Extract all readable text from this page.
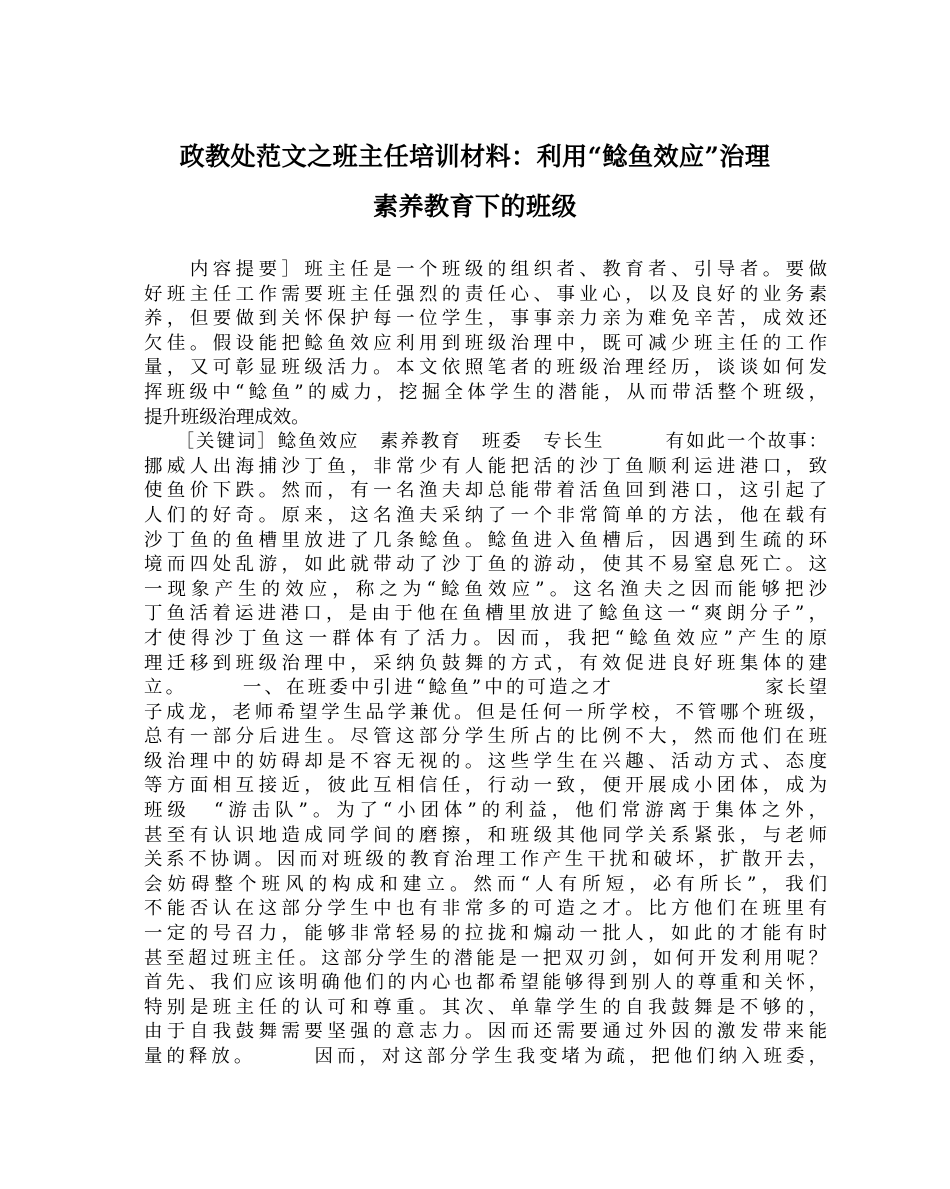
政教处范文之班主任培训材料：利用“鲶鱼效应”治理
素养教育下的班级
　　内容提要］班主任是一个班级的组织者、教育者、引导者。要做
好班主任工作需要班主任强烈的责任心、事业心，以及良好的业务素
养，但要做到关怀保护每一位学生，事事亲力亲为难免辛苦，成效还
欠佳。假设能把鲶鱼效应利用到班级治理中，既可减少班主任的工作
量，又可彰显班级活力。本文依照笔者的班级治理经历，谈谈如何发
挥班级中“鲶鱼”的威力，挖掘全体学生的潜能，从而带活整个班级，
提升班级治理成效。
　　［关键词］鲶鱼效应　素养教育　班委　专长生　　　有如此一个故事：
挪威人出海捕沙丁鱼，非常少有人能把活的沙丁鱼顺利运进港口，致
使鱼价下跌。然而，有一名渔夫却总能带着活鱼回到港口，这引起了
人们的好奇。原来，这名渔夫采纳了一个非常简单的方法，他在载有
沙丁鱼的鱼槽里放进了几条鲶鱼。鲶鱼进入鱼槽后，因遇到生疏的环
境而四处乱游，如此就带动了沙丁鱼的游动，使其不易窒息死亡。这
一现象产生的效应，称之为“鲶鱼效应”。这名渔夫之因而能够把沙
丁鱼活着运进港口，是由于他在鱼槽里放进了鲶鱼这一“爽朗分子”，
才使得沙丁鱼这一群体有了活力。因而，我把“鲶鱼效应”产生的原
理迁移到班级治理中，采纳负鼓舞的方式，有效促进良好班集体的建
立。　　　一、在班委中引进“鲶鱼”中的可造之才　　　　　　　家长望
子成龙，老师希望学生品学兼优。但是任何一所学校，不管哪个班级，
总有一部分后进生。尽管这部分学生所占的比例不大，然而他们在班
级治理中的妨碍却是不容无视的。这些学生在兴趣、活动方式、态度
等方面相互接近，彼此互相信任，行动一致，便开展成小团体，成为
班级　“游击队”。为了“小团体”的利益，他们常游离于集体之外，
甚至有认识地造成同学间的磨擦，和班级其他同学关系紧张，与老师
关系不协调。因而对班级的教育治理工作产生干扰和破坏，扩散开去，
会妨碍整个班风的构成和建立。然而“人有所短，必有所长”，我们
不能否认在这部分学生中也有非常多的可造之才。比方他们在班里有
一定的号召力，能够非常轻易的拉拢和煽动一批人，如此的才能有时
甚至超过班主任。这部分学生的潜能是一把双刃剑，如何开发利用呢？
首先、我们应该明确他们的内心也都希望能够得到别人的尊重和关怀，
特别是班主任的认可和尊重。其次、单靠学生的自我鼓舞是不够的，
由于自我鼓舞需要坚强的意志力。因而还需要通过外因的激发带来能
量的释放。　　　因而，对这部分学生我变堵为疏，把他们纳入班委，
